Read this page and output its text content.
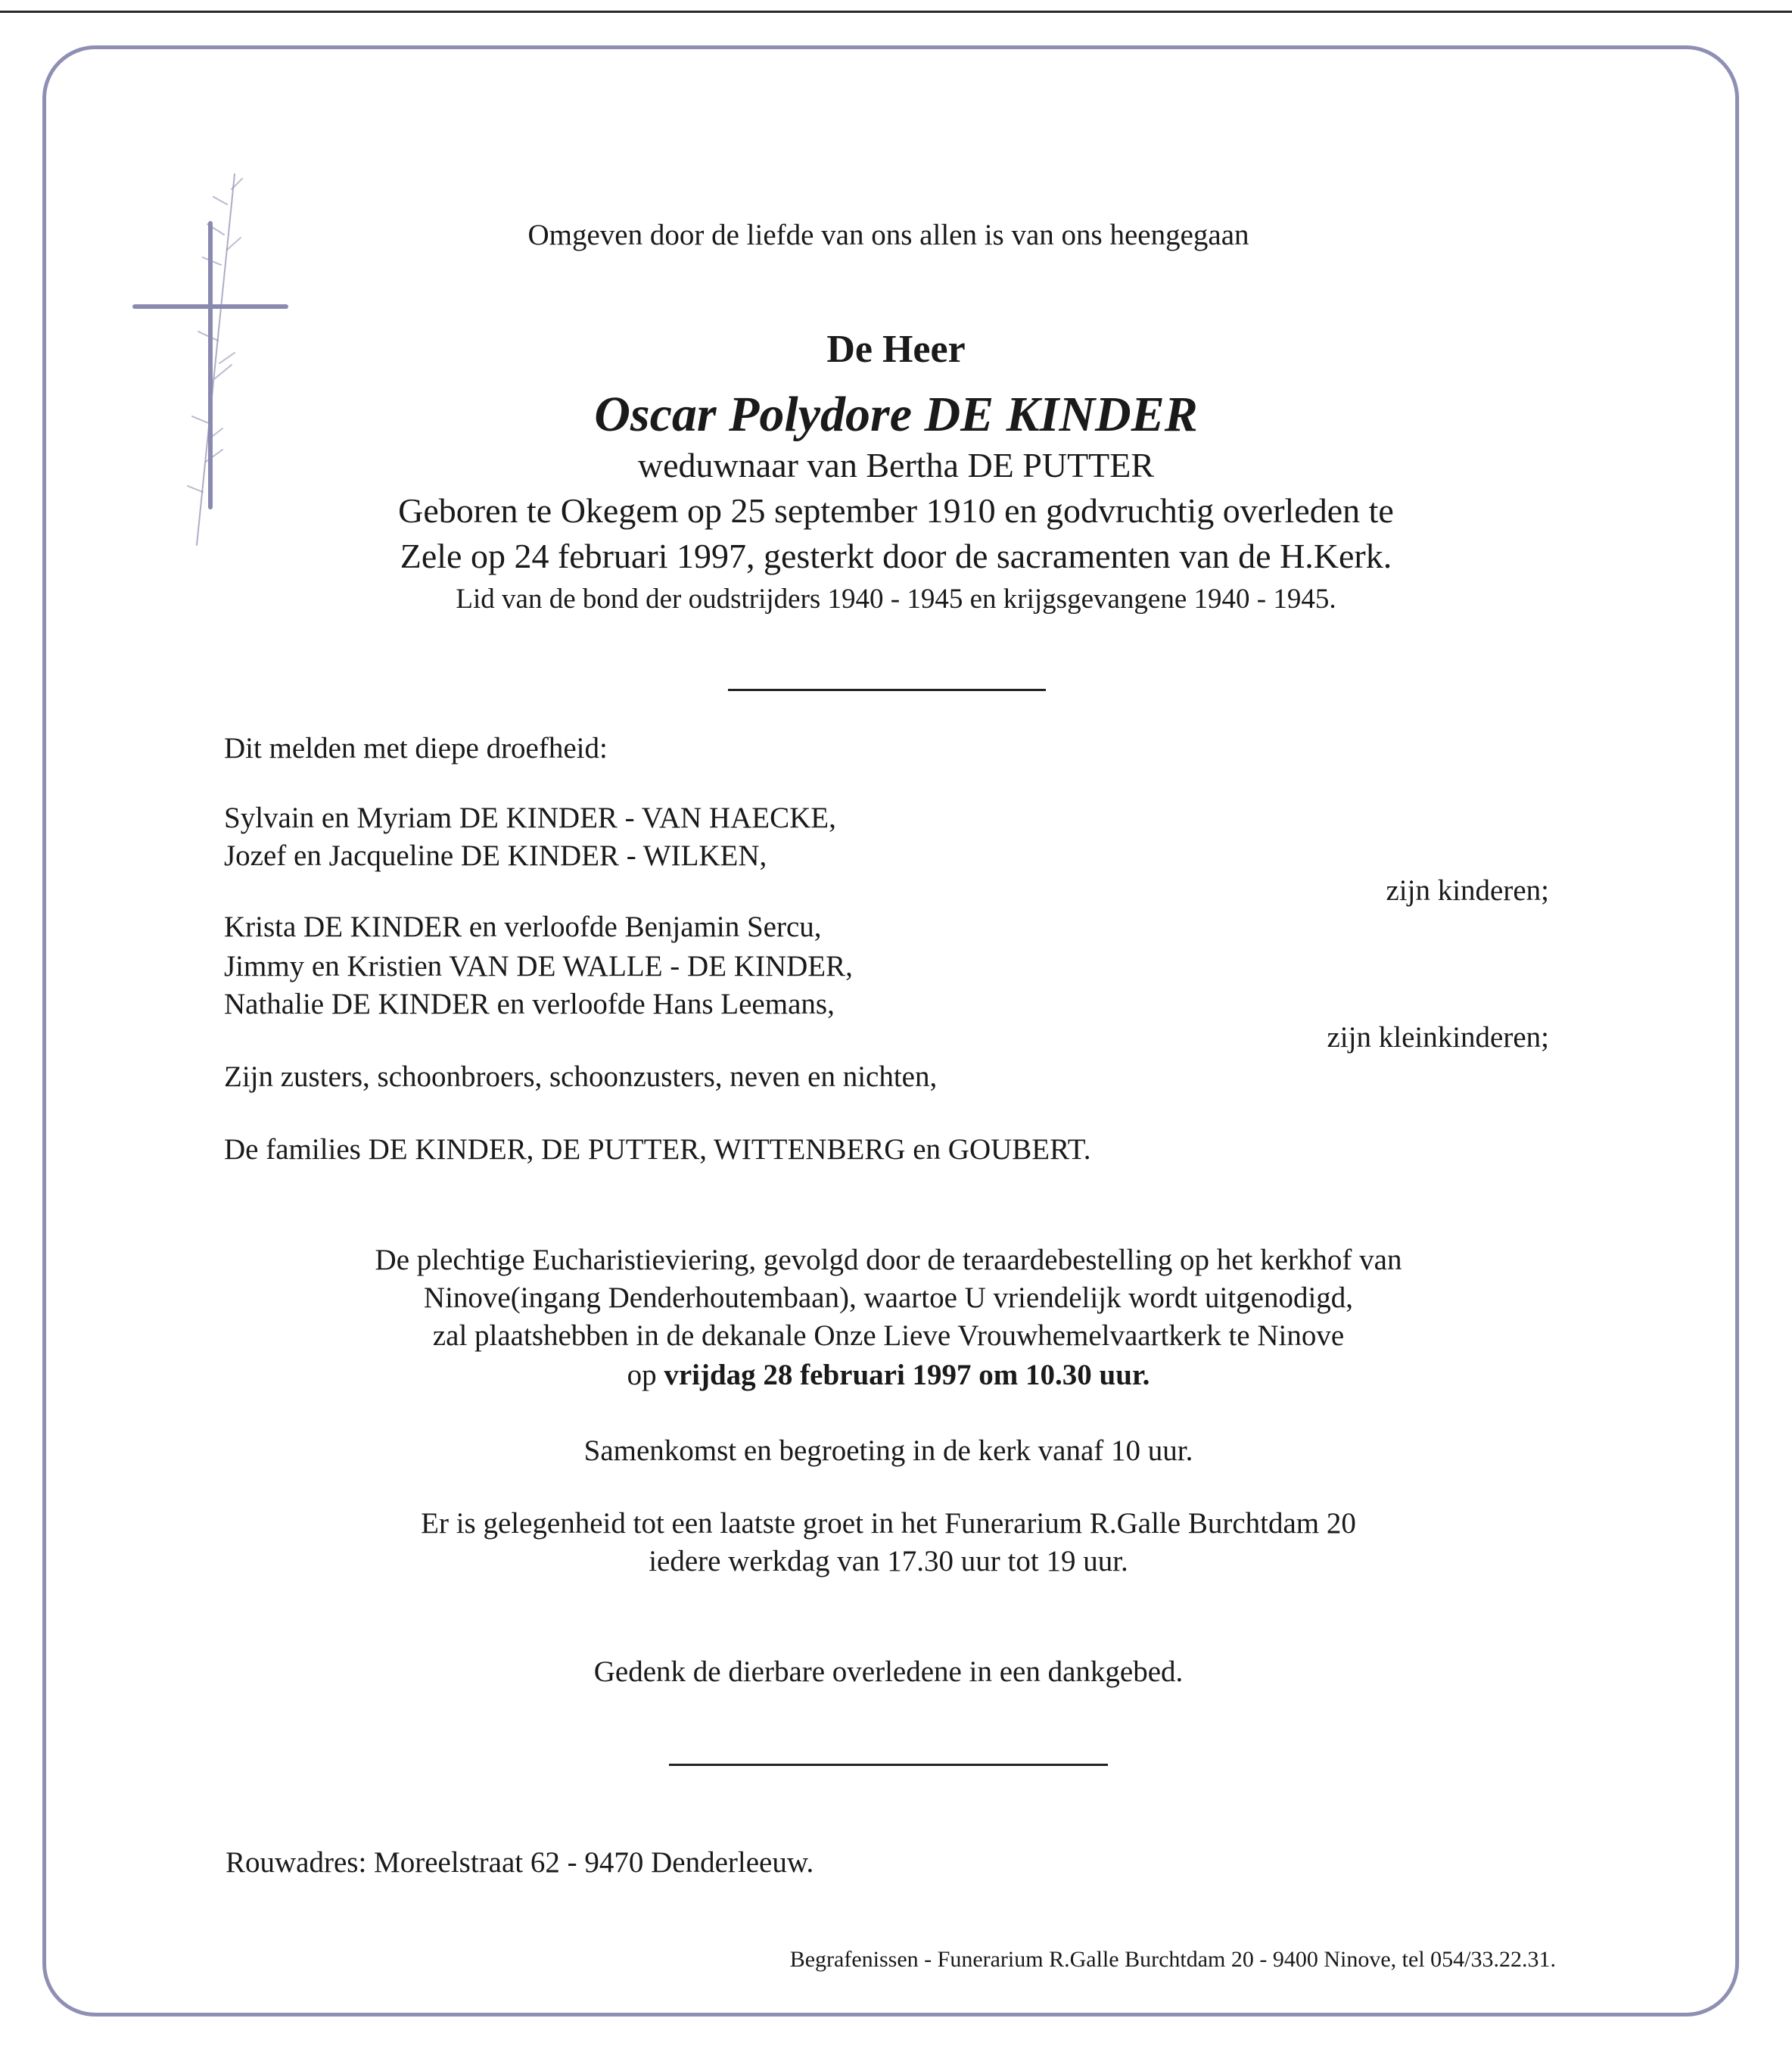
Omgeven door de liefde van ons allen is van ons heengegaan
De Heer
Oscar Polydore DE KINDER
weduwnaar van Bertha DE PUTTER
Geboren te Okegem op 25 september 1910 en godvruchtig overleden te
Zele op 24 februari 1997, gesterkt door de sacramenten van de H.Kerk.
Lid van de bond der oudstrijders 1940 - 1945 en krijgsgevangene 1940 - 1945.
Dit melden met diepe droefheid:
Sylvain en Myriam DE KINDER - VAN HAECKE,
Jozef en Jacqueline DE KINDER - WILKEN,
zijn kinderen;
Krista DE KINDER en verloofde Benjamin Sercu,
Jimmy en Kristien VAN DE WALLE - DE KINDER,
Nathalie DE KINDER en verloofde Hans Leemans,
zijn kleinkinderen;
Zijn zusters, schoonbroers, schoonzusters, neven en nichten,
De families DE KINDER, DE PUTTER, WITTENBERG en GOUBERT.
De plechtige Eucharistieviering, gevolgd door de teraardebestelling op het kerkhof van
Ninove(ingang Denderhoutembaan), waartoe U vriendelijk wordt uitgenodigd,
zal plaatshebben in de dekanale Onze Lieve Vrouwhemelvaartkerk te Ninove
op vrijdag 28 februari 1997 om 10.30 uur.
Samenkomst en begroeting in de kerk vanaf 10 uur.
Er is gelegenheid tot een laatste groet in het Funerarium R.Galle Burchtdam 20
iedere werkdag van 17.30 uur tot 19 uur.
Gedenk de dierbare overledene in een dankgebed.
Rouwadres: Moreelstraat 62 - 9470 Denderleeuw.
Begrafenissen - Funerarium R.Galle Burchtdam 20 - 9400 Ninove, tel 054/33.22.31.
